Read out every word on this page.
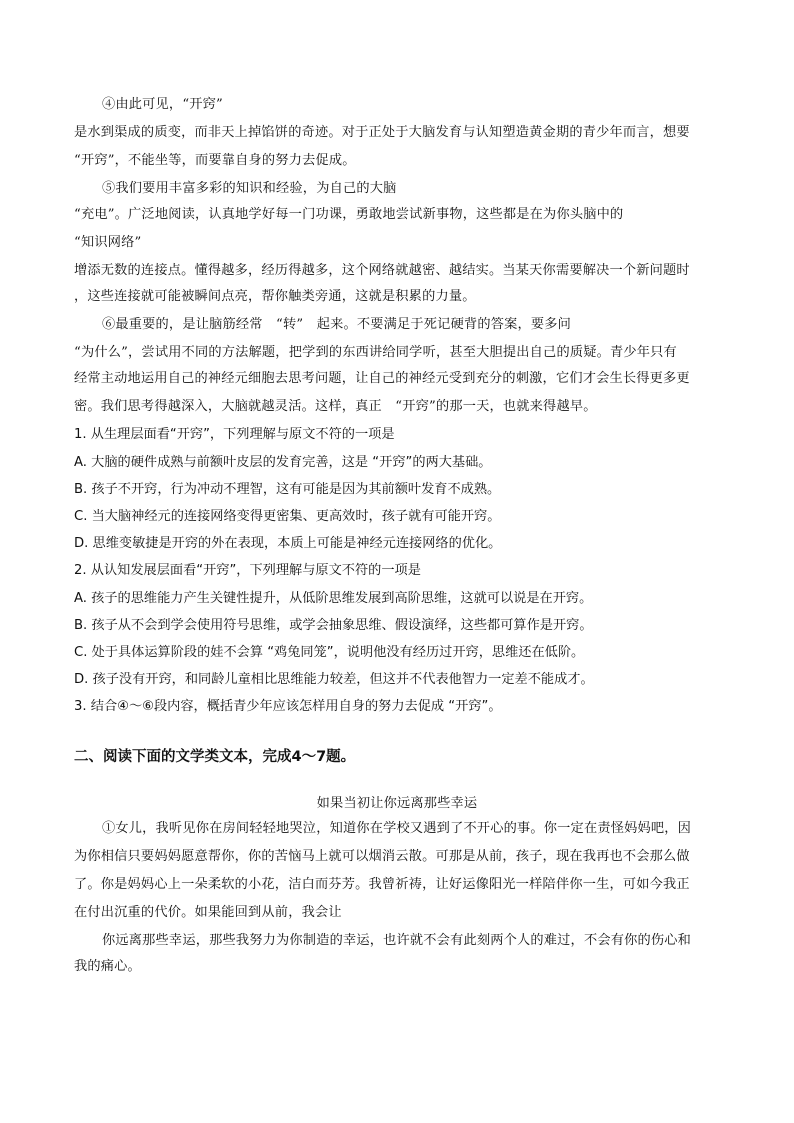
④由此可见，“开窍”
是水到渠成的质变，而非天上掉馅饼的奇迹。对于正处于大脑发育与认知塑造黄金期的青少年而言，想要
“开窍”，不能坐等，而要靠自身的努力去促成。
⑤我们要用丰富多彩的知识和经验，为自己的大脑
“充电”。广泛地阅读，认真地学好每一门功课，勇敢地尝试新事物，这些都是在为你头脑中的
“知识网络”
增添无数的连接点。懂得越多，经历得越多，这个网络就越密、越结实。当某天你需要解决一个新问题时
，这些连接就可能被瞬间点亮，帮你触类旁通，这就是积累的力量。
⑥最重要的，是让脑筋经常　“转”　起来。不要满足于死记硬背的答案，要多问
“为什么”，尝试用不同的方法解题，把学到的东西讲给同学听，甚至大胆提出自己的质疑。青少年只有
经常主动地运用自己的神经元细胞去思考问题，让自己的神经元受到充分的刺激，它们才会生长得更多更
密。我们思考得越深入，大脑就越灵活。这样，真正　“开窍”的那一天，也就来得越早。
1. 从生理层面看“开窍”，下列理解与原文不符的一项是
A. 大脑的硬件成熟与前额叶皮层的发育完善，这是 “开窍”的两大基础。
B. 孩子不开窍，行为冲动不理智，这有可能是因为其前额叶发育不成熟。
C. 当大脑神经元的连接网络变得更密集、更高效时，孩子就有可能开窍。
D. 思维变敏捷是开窍的外在表现，本质上可能是神经元连接网络的优化。
2. 从认知发展层面看“开窍”，下列理解与原文不符的一项是
A. 孩子的思维能力产生关键性提升，从低阶思维发展到高阶思维，这就可以说是在开窍。
B. 孩子从不会到学会使用符号思维，或学会抽象思维、假设演绎，这些都可算作是开窍。
C. 处于具体运算阶段的娃不会算 “鸡兔同笼”，说明他没有经历过开窍，思维还在低阶。
D. 孩子没有开窍，和同龄儿童相比思维能力较差，但这并不代表他智力一定差不能成才。
3. 结合④～⑥段内容，概括青少年应该怎样用自身的努力去促成 “开窍”。
二、阅读下面的文学类文本，完成4～7题。
如果当初让你远离那些幸运
①女儿，我听见你在房间轻轻地哭泣，知道你在学校又遇到了不开心的事。你一定在责怪妈妈吧，因
为你相信只要妈妈愿意帮你，你的苦恼马上就可以烟消云散。可那是从前，孩子，现在我再也不会那么做
了。你是妈妈心上一朵柔软的小花，洁白而芬芳。我曾祈祷，让好运像阳光一样陪伴你一生，可如今我正
在付出沉重的代价。如果能回到从前，我会让
你远离那些幸运，那些我努力为你制造的幸运，也许就不会有此刻两个人的难过，不会有你的伤心和
我的痛心。
